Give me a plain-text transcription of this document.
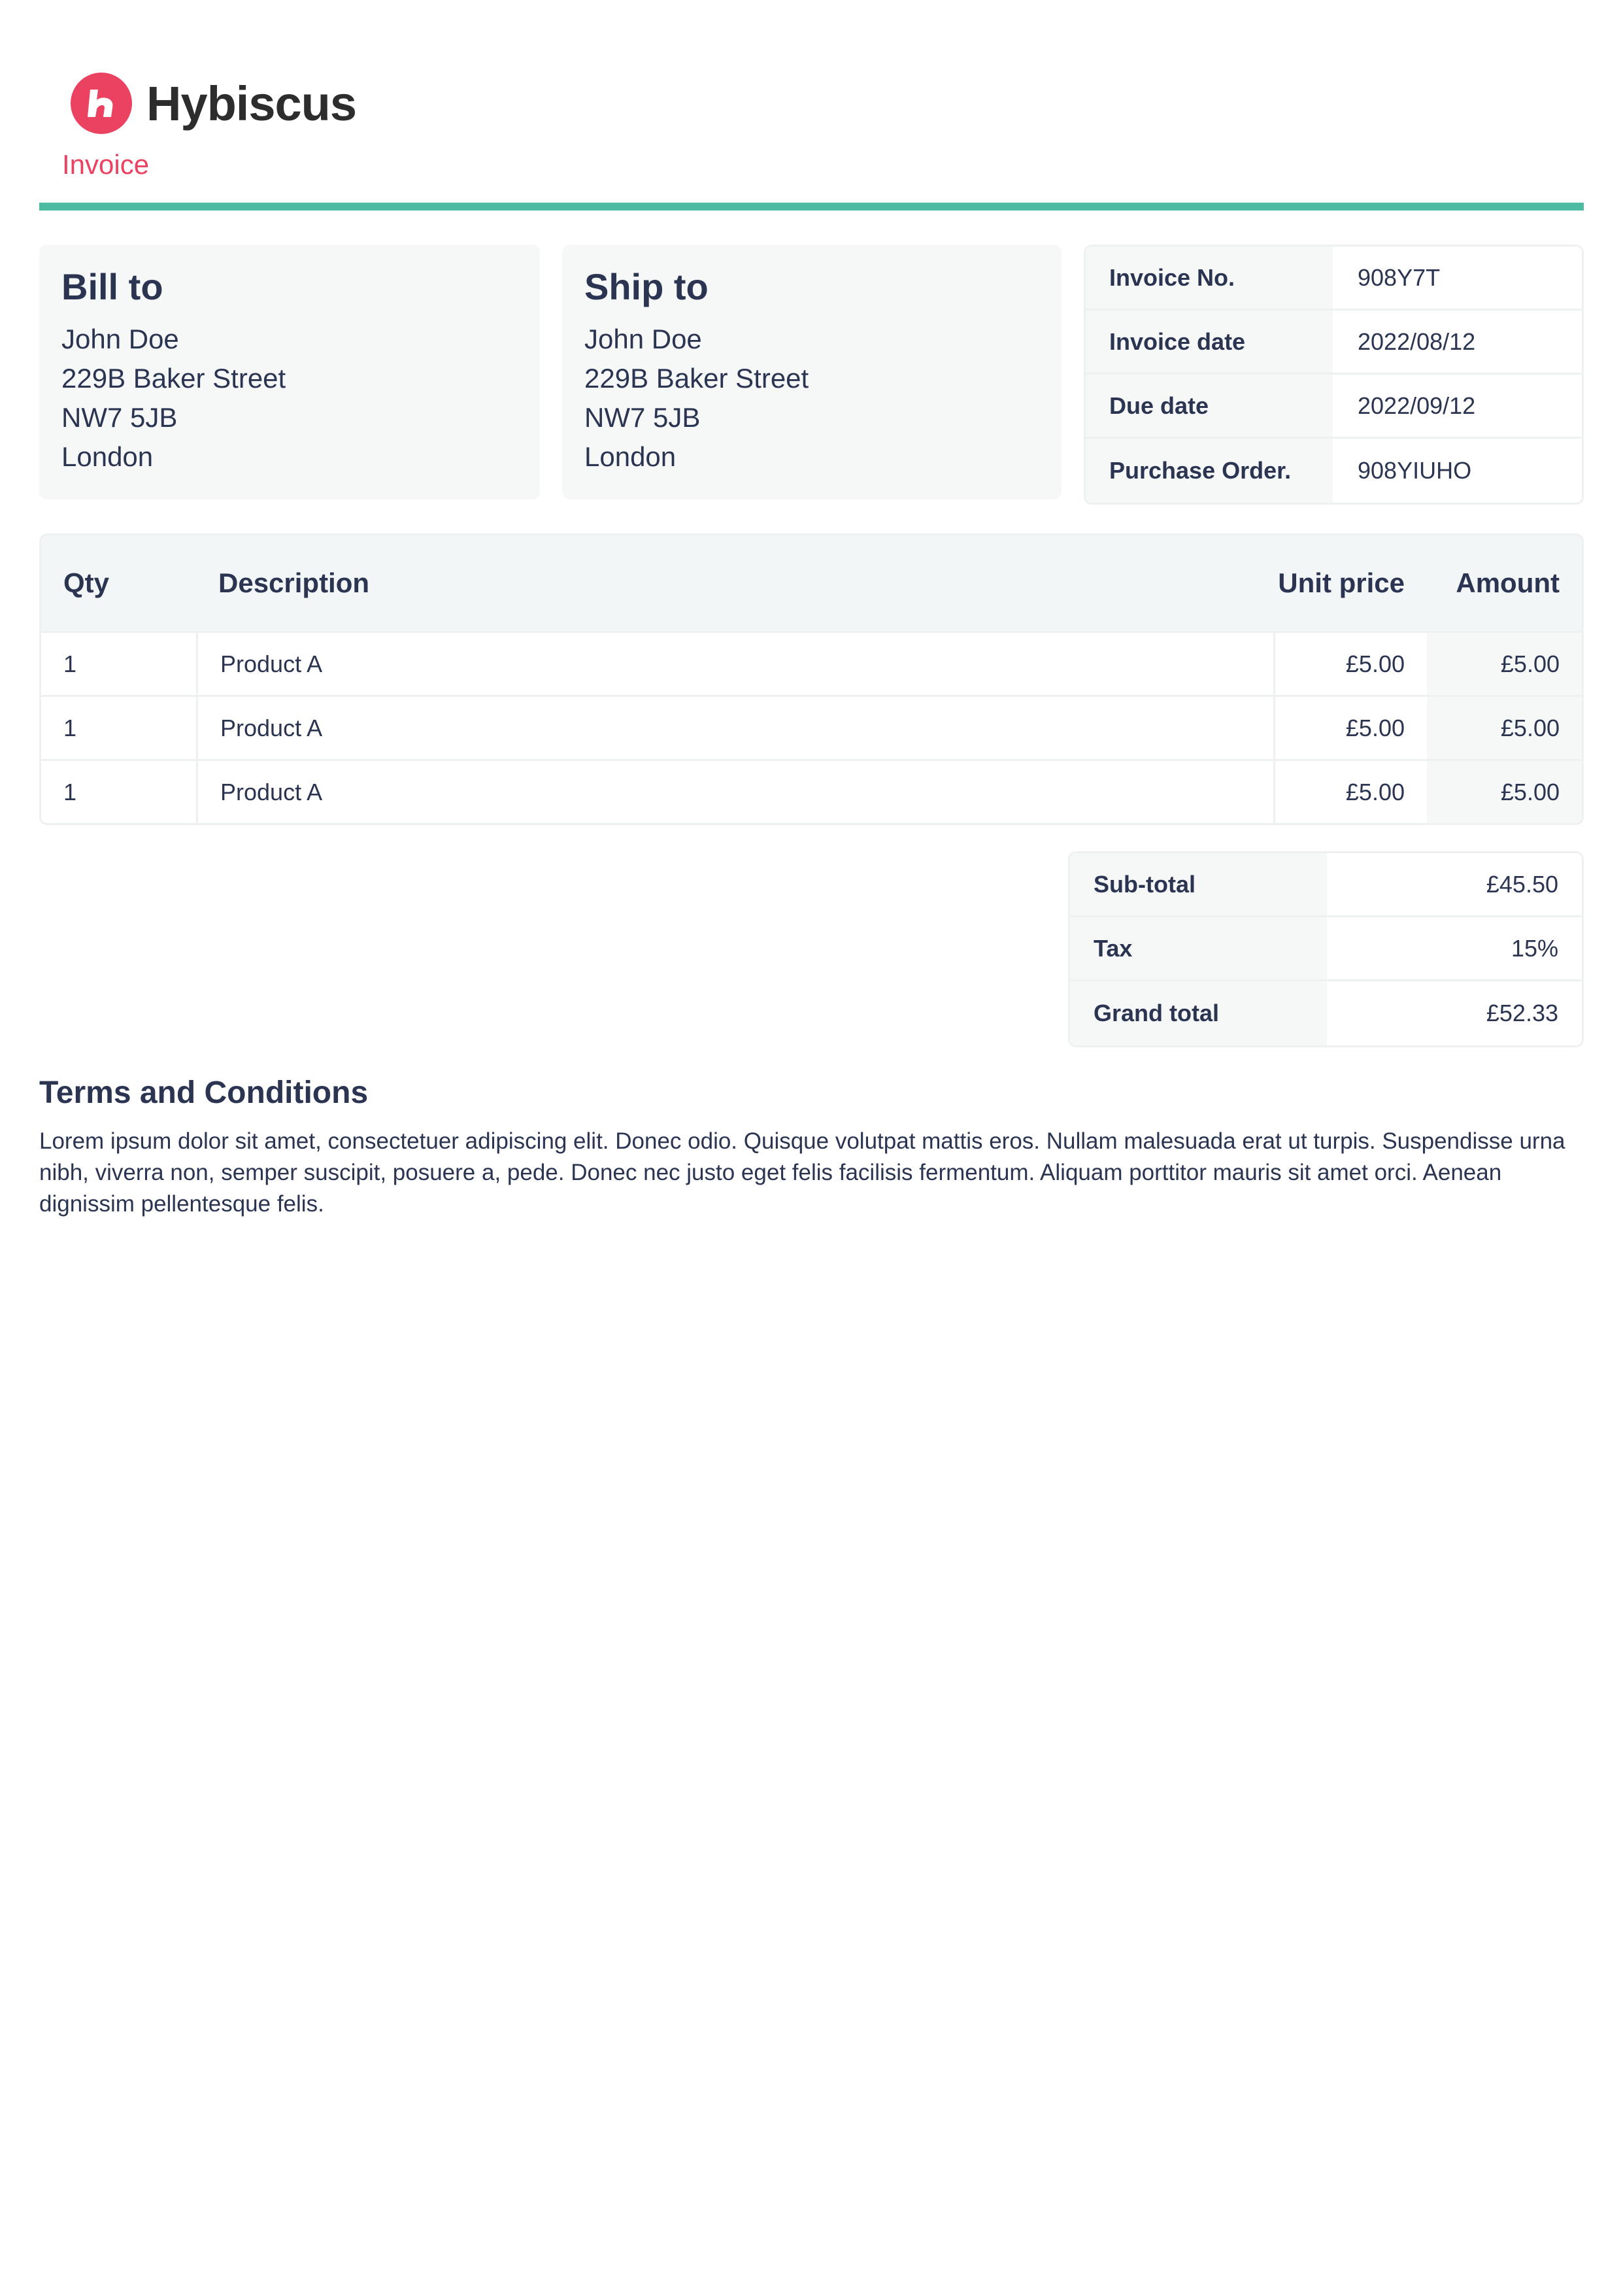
Hybiscus
Invoice
Bill to
John Doe
229B Baker Street
NW7 5JB
London
Ship to
John Doe
229B Baker Street
NW7 5JB
London
Invoice No.	908Y7T
Invoice date	2022/08/12
Due date	2022/09/12
Purchase Order.	908YIUHO
Qty	Description	Unit price	Amount
1	Product A	£5.00	£5.00
1	Product A	£5.00	£5.00
1	Product A	£5.00	£5.00
Sub-total	£45.50
Tax	15%
Grand total	£52.33
Terms and Conditions
Lorem ipsum dolor sit amet, consectetuer adipiscing elit. Donec odio. Quisque volutpat mattis eros. Nullam malesuada erat ut turpis. Suspendisse urna nibh, viverra non, semper suscipit, posuere a, pede. Donec nec justo eget felis facilisis fermentum. Aliquam porttitor mauris sit amet orci. Aenean dignissim pellentesque felis.
